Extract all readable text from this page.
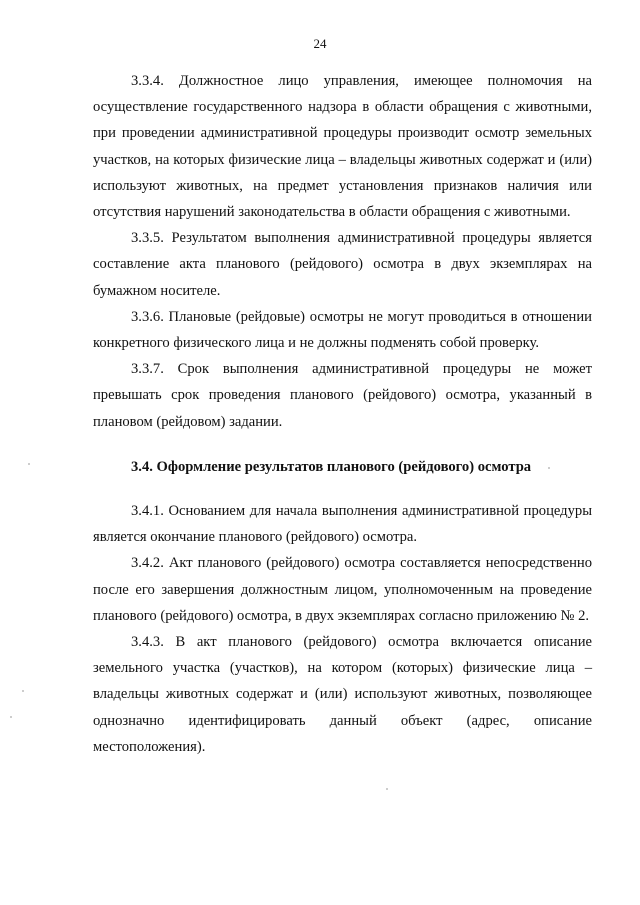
24

3.3.4. Должностное лицо управления, имеющее полномочия на осуществление государственного надзора в области обращения с животными, при проведении административной процедуры производит осмотр земельных участков, на которых физические лица – владельцы животных содержат и (или) используют животных, на предмет установления признаков наличия или отсутствия нарушений законодательства в области обращения с животными.

3.3.5. Результатом выполнения административной процедуры является составление акта планового (рейдового) осмотра в двух экземплярах на бумажном носителе.

3.3.6. Плановые (рейдовые) осмотры не могут проводиться в отношении конкретного физического лица и не должны подменять собой проверку.

3.3.7. Срок выполнения административной процедуры не может превышать срок проведения планового (рейдового) осмотра, указанный в плановом (рейдовом) задании.

3.4. Оформление результатов планового (рейдового) осмотра

3.4.1. Основанием для начала выполнения административной процедуры является окончание планового (рейдового) осмотра.

3.4.2. Акт планового (рейдового) осмотра составляется непосредственно после его завершения должностным лицом, уполномоченным на проведение планового (рейдового) осмотра, в двух экземплярах согласно приложению № 2.

3.4.3. В акт планового (рейдового) осмотра включается описание земельного участка (участков), на котором (которых) физические лица – владельцы животных содержат и (или) используют животных, позволяющее однозначно идентифицировать данный объект (адрес, описание местоположения).
